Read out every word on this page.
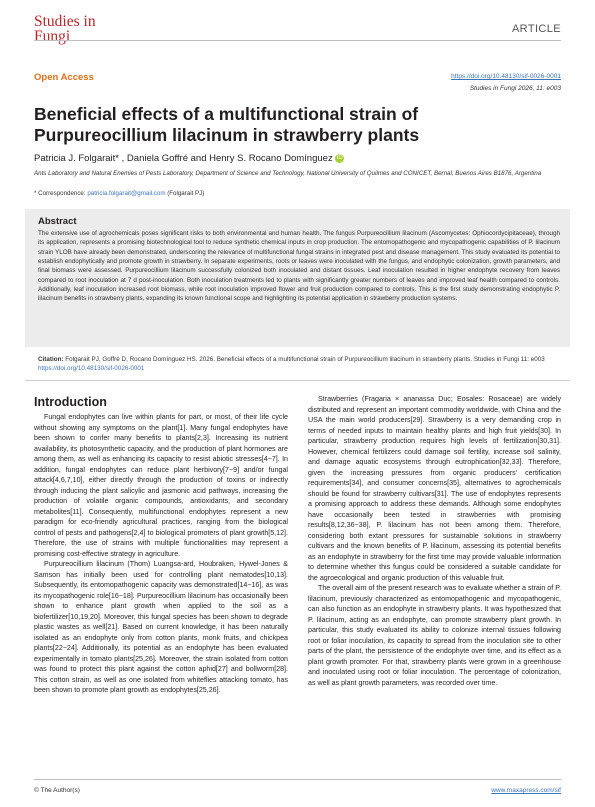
Studies in
Fungi	ARTICLE
Open Access	https://doi.org/10.48130/sif-0026-0001
Studies in Fungi 2026, 11: e003
Beneficial effects of a multifunctional strain of Purpureocillium lilacinum in strawberry plants
Patricia J. Folgarait* , Daniela Goffré and Henry S. Rocano Domínguez iD
Ants Laboratory and Natural Enemies of Pests Laboratory, Department of Science and Technology, National University of Quilmes and CONICET, Bernal, Buenos Aires B1876, Argentina
* Correspondence: patricia.folgarait@gmail.com (Folgarait PJ)
Abstract
The extensive use of agrochemicals poses significant risks to both environmental and human health. The fungus Purpureocillium lilacinum (Ascomycetes: Ophiocordycipitaceae), through its application, represents a promising biotechnological tool to reduce synthetic chemical inputs in crop production. The entomopathogenic and mycopathogenic capabilities of P. lilacinum strain YLOB have already been demonstrated, underscoring the relevance of multifunctional fungal strains in integrated pest and disease management. This study evaluated its potential to establish endophytically and promote growth in strawberry. In separate experiments, roots or leaves were inoculated with the fungus, and endophytic colonization, growth parameters, and final biomass were assessed. Purpureocillium lilacinum successfully colonized both inoculated and distant tissues. Leaf inoculation resulted in higher endophyte recovery from leaves compared to root inoculation at 7 d post-inoculation. Both inoculation treatments led to plants with significantly greater numbers of leaves and improved leaf health compared to controls. Additionally, leaf inoculation increased root biomass, while root inoculation improved flower and fruit production compared to controls. This is the first study demonstrating endophytic P. lilacinum benefits in strawberry plants, expanding its known functional scope and highlighting its potential application in strawberry production systems.
Citation: Folgarait PJ, Goffré D, Rocano Domínguez HS. 2026. Beneficial effects of a multifunctional strain of Purpureocillium lilacinum in strawberry plants. Studies in Fungi 11: e003 https://doi.org/10.48130/sif-0026-0001
Introduction

Fungal endophytes can live within plants for part, or most, of their life cycle without showing any symptoms on the plant[1]. Many fungal endophytes have been shown to confer many benefits to plants[2,3]. Increasing its nutrient availability, its photosynthetic capacity, and the production of plant hormones are among them, as well as enhancing its capacity to resist abiotic stresses[4−7]. In addition, fungal endophytes can reduce plant herbivory[7−9] and/or fungal attack[4,6,7,10], either directly through the production of toxins or indirectly through inducing the plant salicylic and jasmonic acid pathways, increasing the production of volatile organic compounds, antioxidants, and secondary metabolites[11]. Consequently, multifunctional endophytes represent a new paradigm for eco-friendly agricultural practices, ranging from the biological control of pests and pathogens[2,4] to biological promoters of plant growth[5,12]. Therefore, the use of strains with multiple functionalities may represent a promising cost-effective strategy in agriculture.

Purpureocillium lilacinum (Thom) Luangsa-ard, Houbraken, Hywel-Jones & Samson has initially been used for controlling plant nematodes[10,13]. Subsequently, its entomopathogenic capacity was demonstrated[14−16], as was its mycopathogenic role[16−18]. Purpureocillium lilacinum has occasionally been shown to enhance plant growth when applied to the soil as a biofertilizer[10,19,20]. Moreover, this fungal species has been shown to degrade plastic wastes as well[21]. Based on current knowledge, it has been naturally isolated as an endophyte only from cotton plants, monk fruits, and chickpea plants[22−24]. Additionally, its potential as an endophyte has been evaluated experimentally in tomato plants[25,26]. Moreover, the strain isolated from cotton was found to protect this plant against the cotton aphid[27] and bollworm[28]. This cotton strain, as well as one isolated from whiteflies attacking tomato, has been shown to promote plant growth as endophytes[25,26].

Strawberries (Fragaria × ananassa Duc; Eosales: Rosaceae) are widely distributed and represent an important commodity worldwide, with China and the USA the main world producers[29]. Strawberry is a very demanding crop in terms of needed inputs to maintain healthy plants and high fruit yields[30]. In particular, strawberry production requires high levels of fertilization[30,31]. However, chemical fertilizers could damage soil fertility, increase soil salinity, and damage aquatic ecosystems through eutrophication[32,33]. Therefore, given the increasing pressures from organic producers' certification requirements[34], and consumer concerns[35], alternatives to agrochemicals should be found for strawberry cultivars[31]. The use of endophytes represents a promising approach to address these demands. Although some endophytes have occasionally been tested in strawberries with promising results[8,12,36−38], P. lilacinum has not been among them. Therefore, considering both extant pressures for sustainable solutions in strawberry cultivars and the known benefits of P. lilacinum, assessing its potential benefits as an endophyte in strawberry for the first time may provide valuable information to determine whether this fungus could be considered a suitable candidate for the agroecological and organic production of this valuable fruit.

The overall aim of the present research was to evaluate whether a strain of P. lilacinum, previously characterized as entomopathogenic and mycopathogenic, can also function as an endophyte in strawberry plants. It was hypothesized that P. lilacinum, acting as an endophyte, can promote strawberry plant growth. In particular, this study evaluated its ability to colonize internal tissues following root or foliar inoculation, its capacity to spread from the inoculation site to other parts of the plant, the persistence of the endophyte over time, and its effect as a plant growth promoter. For that, strawberry plants were grown in a greenhouse and inoculated using root or foliar inoculation. The percentage of colonization, as well as plant growth parameters, was recorded over time.

© The Author(s)	www.maxapress.com/sif
